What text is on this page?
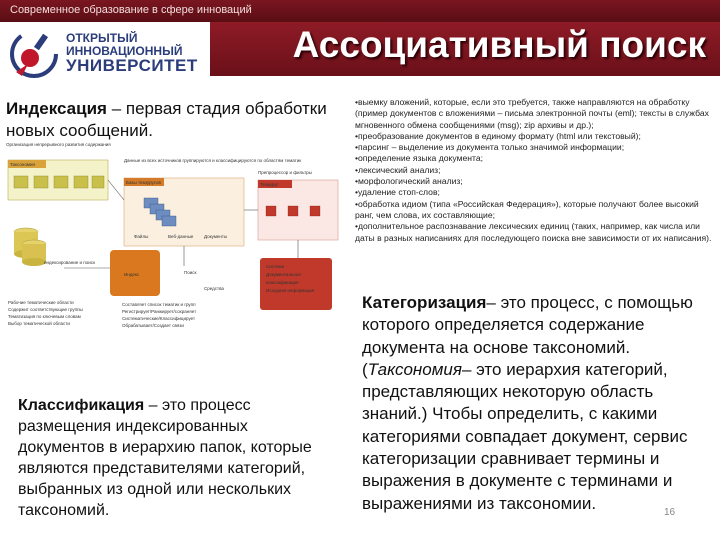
Современное образование в сфере инноваций
ОТКРЫТЫЙ
ИННОВАЦИОННЫЙ
УНИВЕРСИТЕТ
Ассоциативный поиск
Индексация – первая стадия обработки новых сообщений.
Организация непрерывного развития содержания
Таксономия
Рабочие тематические области
Содержит соответствующие группы
Тематизация по ключевым словам
Выбор тематической области
Данные из всех источников группируются и классифицируются по областям тематик
Базы тезаурусов
Файлы	Веб-данные Документы
Препроцессор и фильтры
Тезаурус
Индекс
индексирование и поиск
Поиск
Средства
Система
Документальная
классификация
Исходная информация
Составляет список тематик и групп
Регистрирует/Ранжирует/сохраняет
Систематические/Классифицирует
Обрабатывает/Создает связи
Классификация – это процесс размещения индексированных документов в иерархию папок, которые являются представителями категорий, выбранных из одной или нескольких таксономий.
•выемку вложений, которые, если это требуется, также направляются на обработку (пример документов с вложениями – письма электронной почты (eml); тексты в службах мгновенного обмена сообщениями (msg); zip архивы и др.);
•преобразование документов в единому формату (html или текстовый);
•парсинг – выделение из документа только значимой информации;
•определение языка документа;
•лексический анализ;
•морфологический анализ;
•удаление стоп-слов;
•обработка идиом (типа «Российская Федерация»), которые получают более высокий ранг, чем слова, их составляющие;
•дополнительное распознавание лексических единиц (таких, например, как числа или даты в разных написаниях для последующего поиска вне зависимости от их написания).
Категоризация– это процесс, с помощью которого определяется содержание документа на основе таксономий. (Таксономия– это иерархия категорий, представляющих некоторую область знаний.) Чтобы определить, с какими категориями совпадает документ, сервис категоризации сравнивает термины и выражения в документе с терминами и выражениями из таксономии.	16
